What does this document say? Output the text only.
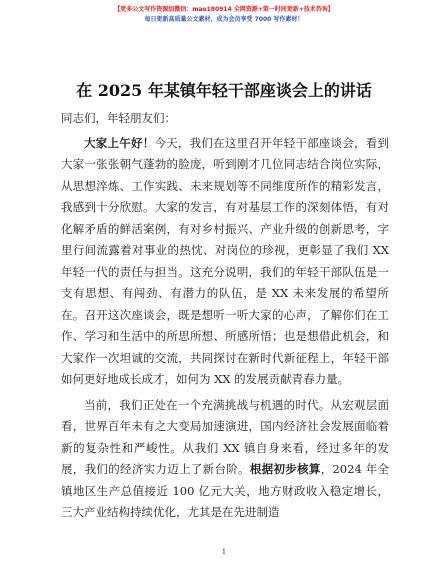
【更多公文写作资源加微信：mao180914 全网资源+第一时间更新+技术咨询】
每日更新高质量公文素材，成为会员享受 7000 写作素材！
在 2025 年某镇年轻干部座谈会上的讲话

同志们，年轻朋友们：

大家上午好！今天，我们在这里召开年轻干部座谈会，看到大家一张张朝气蓬勃的脸庞，听到刚才几位同志结合岗位实际，从思想淬炼、工作实践、未来规划等不同维度所作的精彩发言，我感到十分欣慰。大家的发言，有对基层工作的深刻体悟，有对化解矛盾的鲜活案例，有对乡村振兴、产业升级的创新思考，字里行间流露着对事业的热忱、对岗位的珍视，更彰显了我们 XX 年轻一代的责任与担当。这充分说明，我们的年轻干部队伍是一支有思想、有闯劲、有潜力的队伍，是 XX 未来发展的希望所在。召开这次座谈会，既是想听一听大家的心声，了解你们在工作、学习和生活中的所思所想、所感所悟；也是想借此机会，和大家作一次坦诚的交流，共同探讨在新时代新征程上，年轻干部如何更好地成长成才，如何为 XX 的发展贡献青春力量。

当前，我们正处在一个充满挑战与机遇的时代。从宏观层面看，世界百年未有之大变局加速演进，国内经济社会发展面临着新的复杂性和严峻性。从我们 XX 镇自身来看，经过多年的发展，我们的经济实力迈上了新台阶。根据初步核算，2024 年全镇地区生产总值接近 100 亿元大关，地方财政收入稳定增长，三大产业结构持续优化，尤其是在先进制造

1
